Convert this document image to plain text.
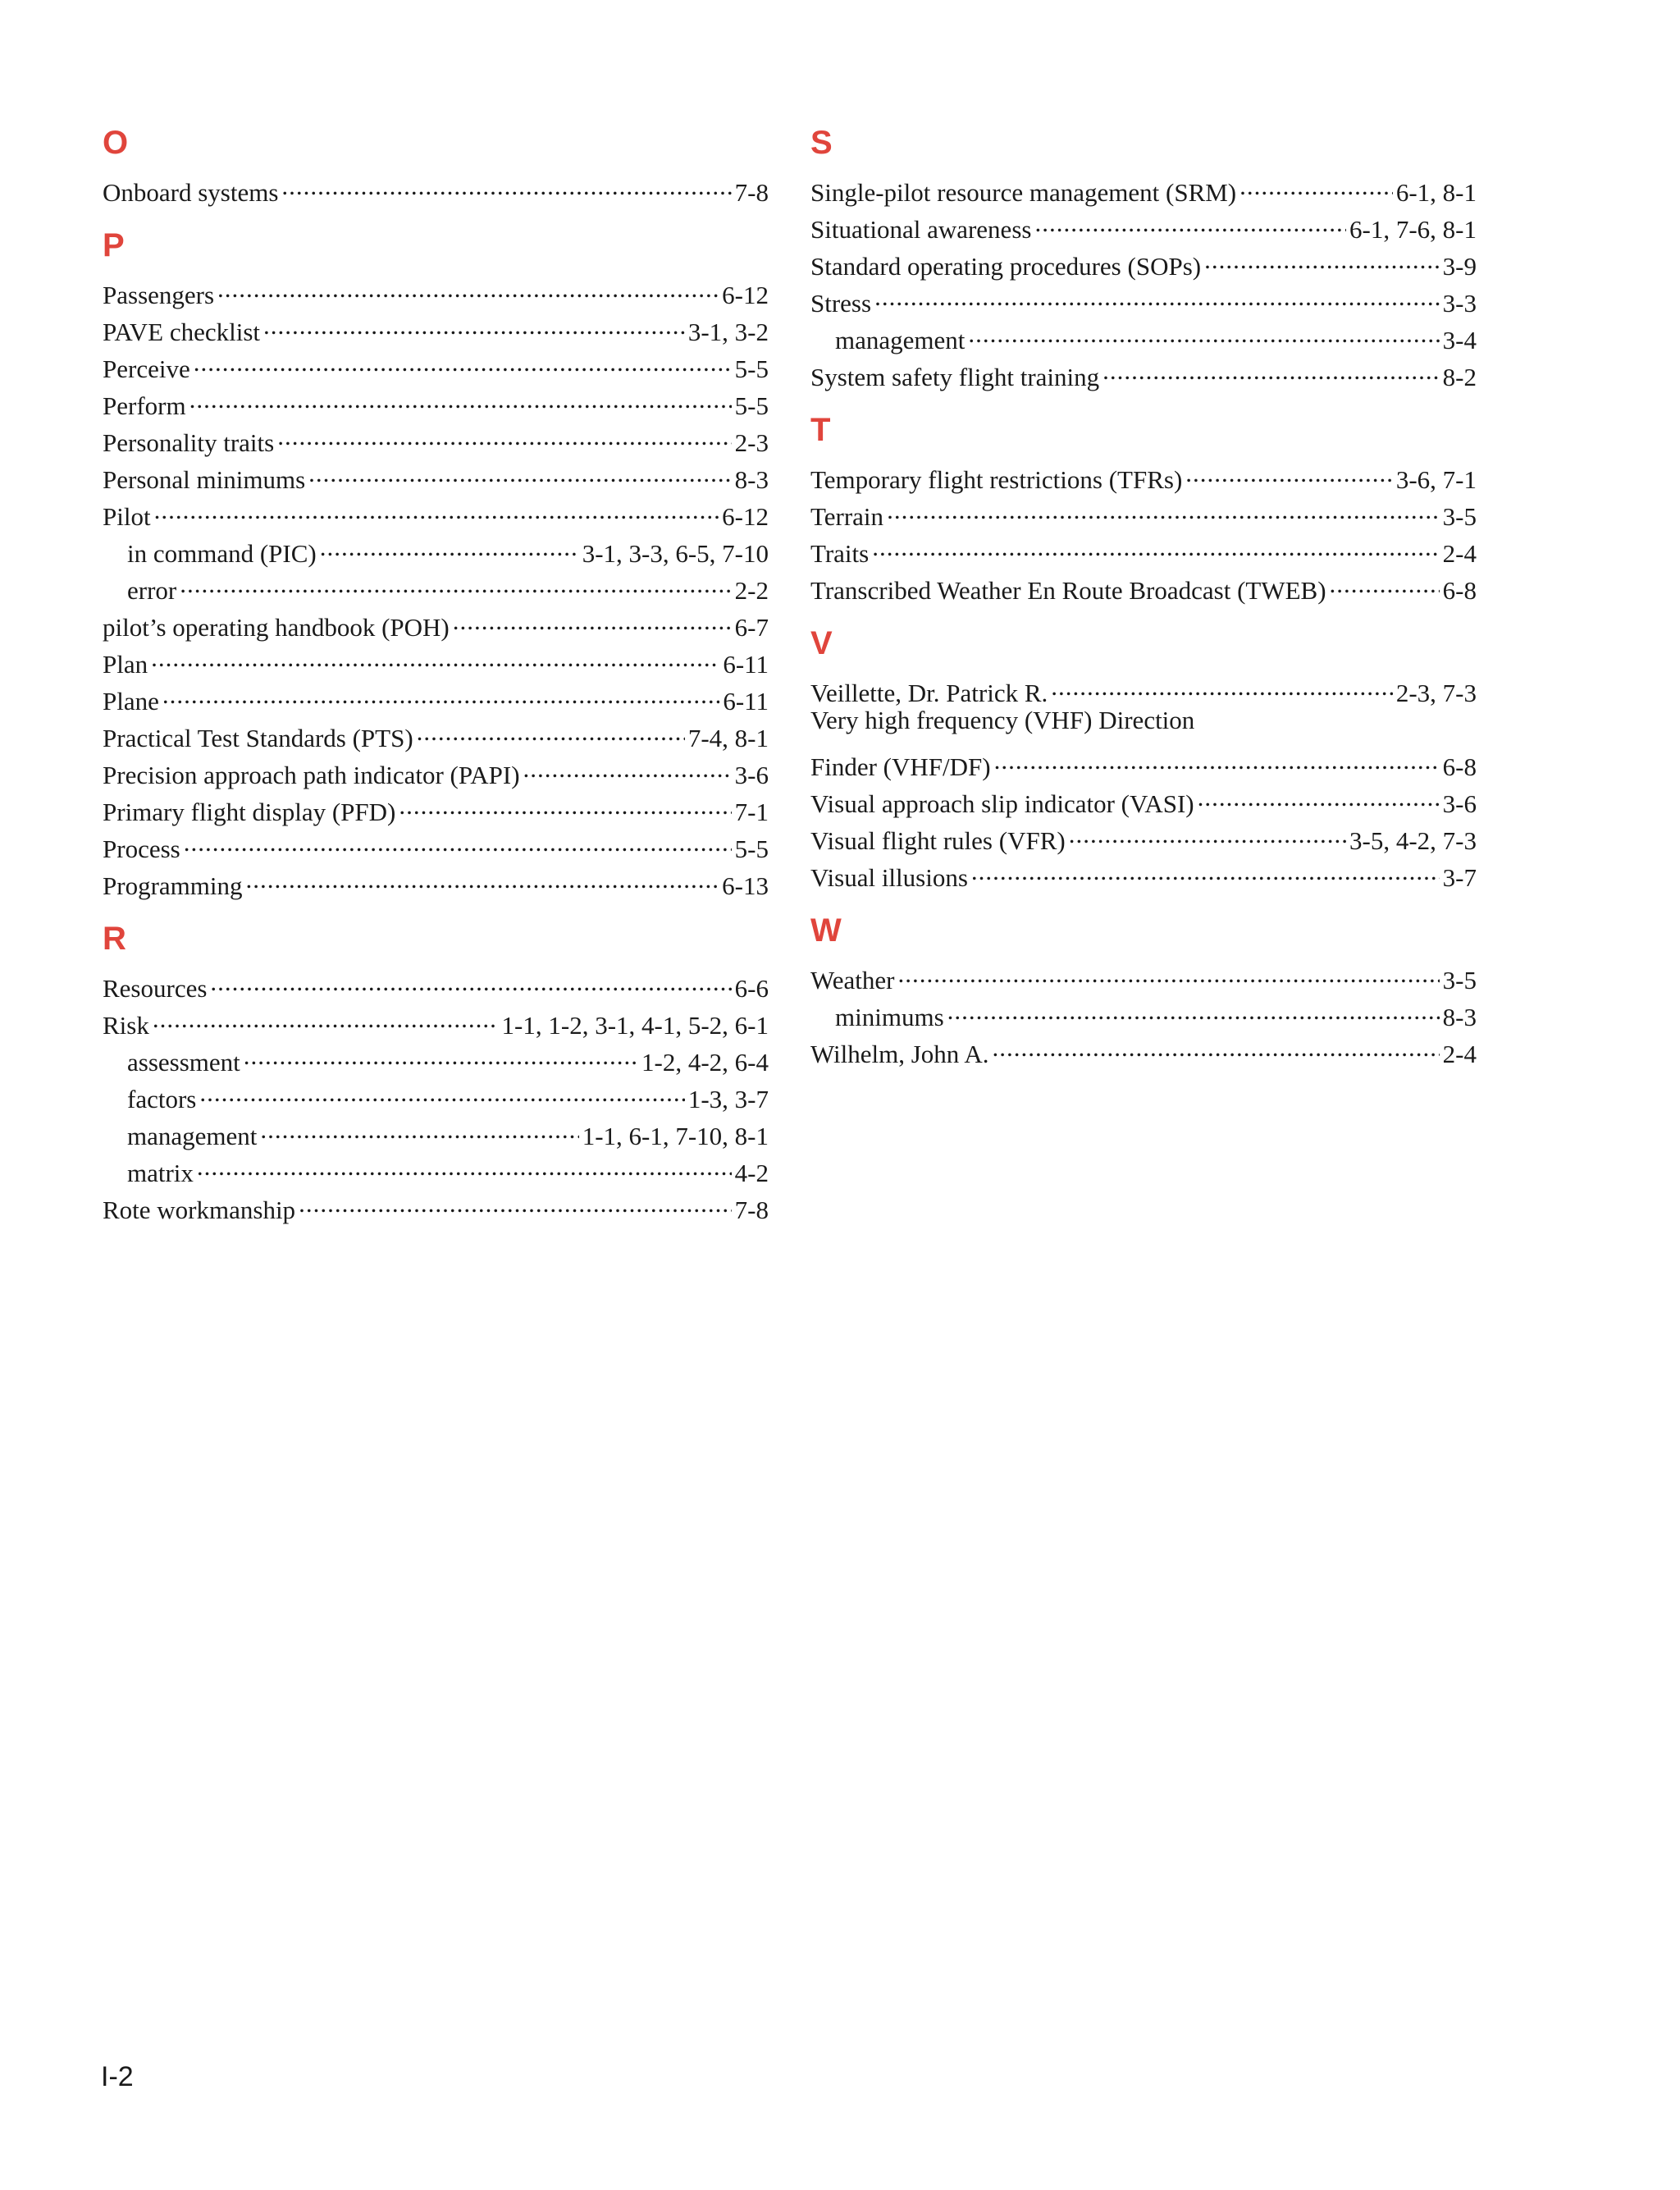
O
Onboard systems .....	7-8
P
Passengers .....	6-12
PAVE checklist .....	3-1, 3-2
Perceive .....	5-5
Perform .....	5-5
Personality traits .....	2-3
Personal minimums .....	8-3
Pilot .....	6-12
in command (PIC) .....	3-1, 3-3, 6-5, 7-10
error .....	2-2
pilot’s operating handbook (POH) .....	6-7
Plan .....	6-11
Plane .....	6-11
Practical Test Standards (PTS) .....	7-4, 8-1
Precision approach path indicator (PAPI) .....	3-6
Primary flight display (PFD) .....	7-1
Process .....	5-5
Programming .....	6-13
R
Resources .....	6-6
Risk .....	1-1, 1-2, 3-1, 4-1, 5-2, 6-1
assessment .....	1-2, 4-2, 6-4
factors .....	1-3, 3-7
management .....	1-1, 6-1, 7-10, 8-1
matrix .....	4-2
Rote workmanship .....	7-8
S
Single-pilot resource management (SRM) .....	6-1, 8-1
Situational awareness .....	6-1, 7-6, 8-1
Standard operating procedures (SOPs) .....	3-9
Stress .....	3-3
management .....	3-4
System safety flight training .....	8-2
T
Temporary flight restrictions (TFRs) .....	3-6, 7-1
Terrain .....	3-5
Traits .....	2-4
Transcribed Weather En Route Broadcast (TWEB) .....	6-8
V
Veillette, Dr. Patrick R. .....	2-3, 7-3
Very high frequency (VHF) Direction
Finder (VHF/DF) .....	6-8
Visual approach slip indicator (VASI) .....	3-6
Visual flight rules (VFR) .....	3-5, 4-2, 7-3
Visual illusions .....	3-7
W
Weather .....	3-5
minimums .....	8-3
Wilhelm, John A. .....	2-4
I-2
